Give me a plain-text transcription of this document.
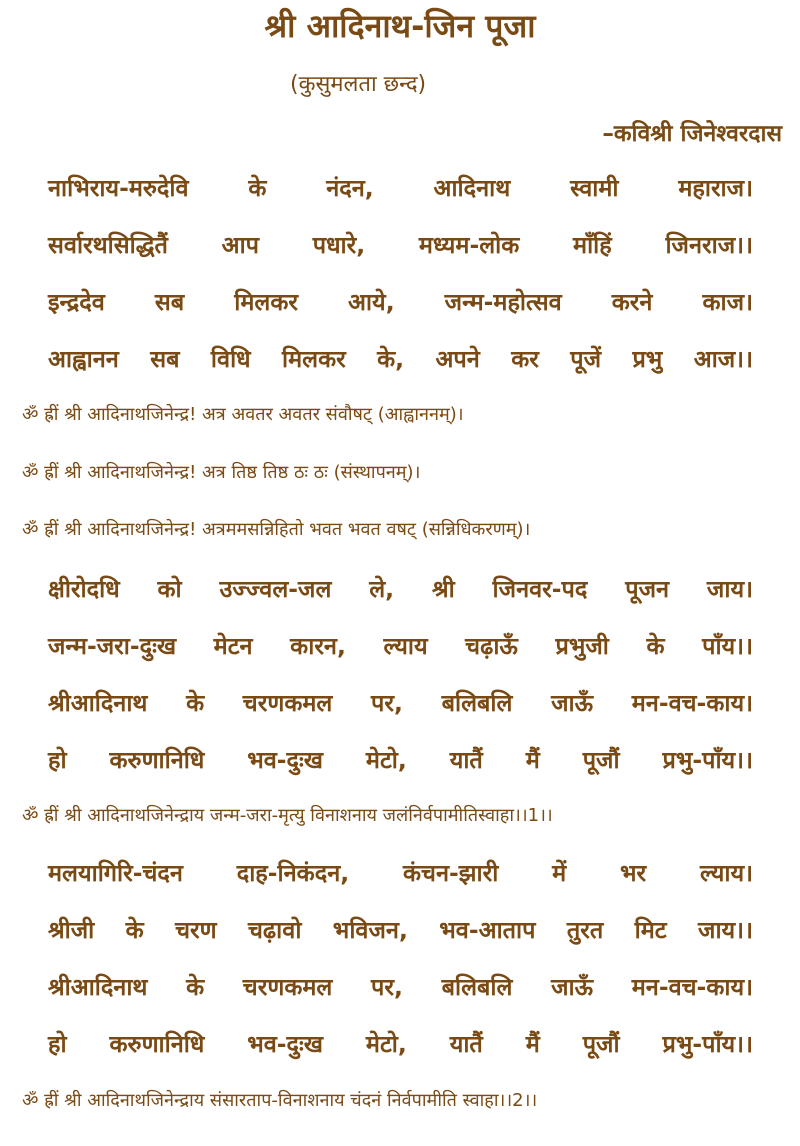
श्री आदिनाथ-जिन पूजा
(कुसुमलता छन्द)
–कविश्री जिनेश्वरदास
नाभिराय-मरुदेवि के नंदन, आदिनाथ स्वामी महाराज।
सर्वारथसिद्धितैं आप पधारे, मध्यम-लोक माँहिं जिनराज।।
इन्द्रदेव सब मिलकर आये, जन्म-महोत्सव करने काज।
आह्वानन सब विधि मिलकर के, अपने कर पूजें प्रभु आज।।
ॐ ह्रीं श्री आदिनाथजिनेन्द्र! अत्र अवतर अवतर संवौषट् (आह्वाननम्)।
ॐ ह्रीं श्री आदिनाथजिनेन्द्र! अत्र तिष्ठ तिष्ठ ठः ठः (संस्थापनम्)।
ॐ ह्रीं श्री आदिनाथजिनेन्द्र! अत्रममसन्निहितो भवत भवत वषट् (सन्निधिकरणम्)।
क्षीरोदधि को उज्ज्वल-जल ले, श्री जिनवर-पद पूजन जाय।
जन्म-जरा-दुःख मेटन कारन, ल्याय चढ़ाऊँ प्रभुजी के पाँय।।
श्रीआदिनाथ के चरणकमल पर, बलिबलि जाऊँ मन-वच-काय।
हो करुणानिधि भव-दुःख मेटो, यातैं मैं पूजौं प्रभु-पाँय।।
ॐ ह्रीं श्री आदिनाथजिनेन्द्राय जन्म-जरा-मृत्यु विनाशनाय जलंनिर्वपामीतिस्वाहा।।1।।
मलयागिरि-चंदन दाह-निकंदन, कंचन-झारी में भर ल्याय।
श्रीजी के चरण चढ़ावो भविजन, भव-आताप तुरत मिट जाय।।
श्रीआदिनाथ के चरणकमल पर, बलिबलि जाऊँ मन-वच-काय।
हो करुणानिधि भव-दुःख मेटो, यातैं मैं पूजौं प्रभु-पाँय।।
ॐ ह्रीं श्री आदिनाथजिनेन्द्राय संसारताप-विनाशनाय चंदनं निर्वपामीति स्वाहा।।2।।
